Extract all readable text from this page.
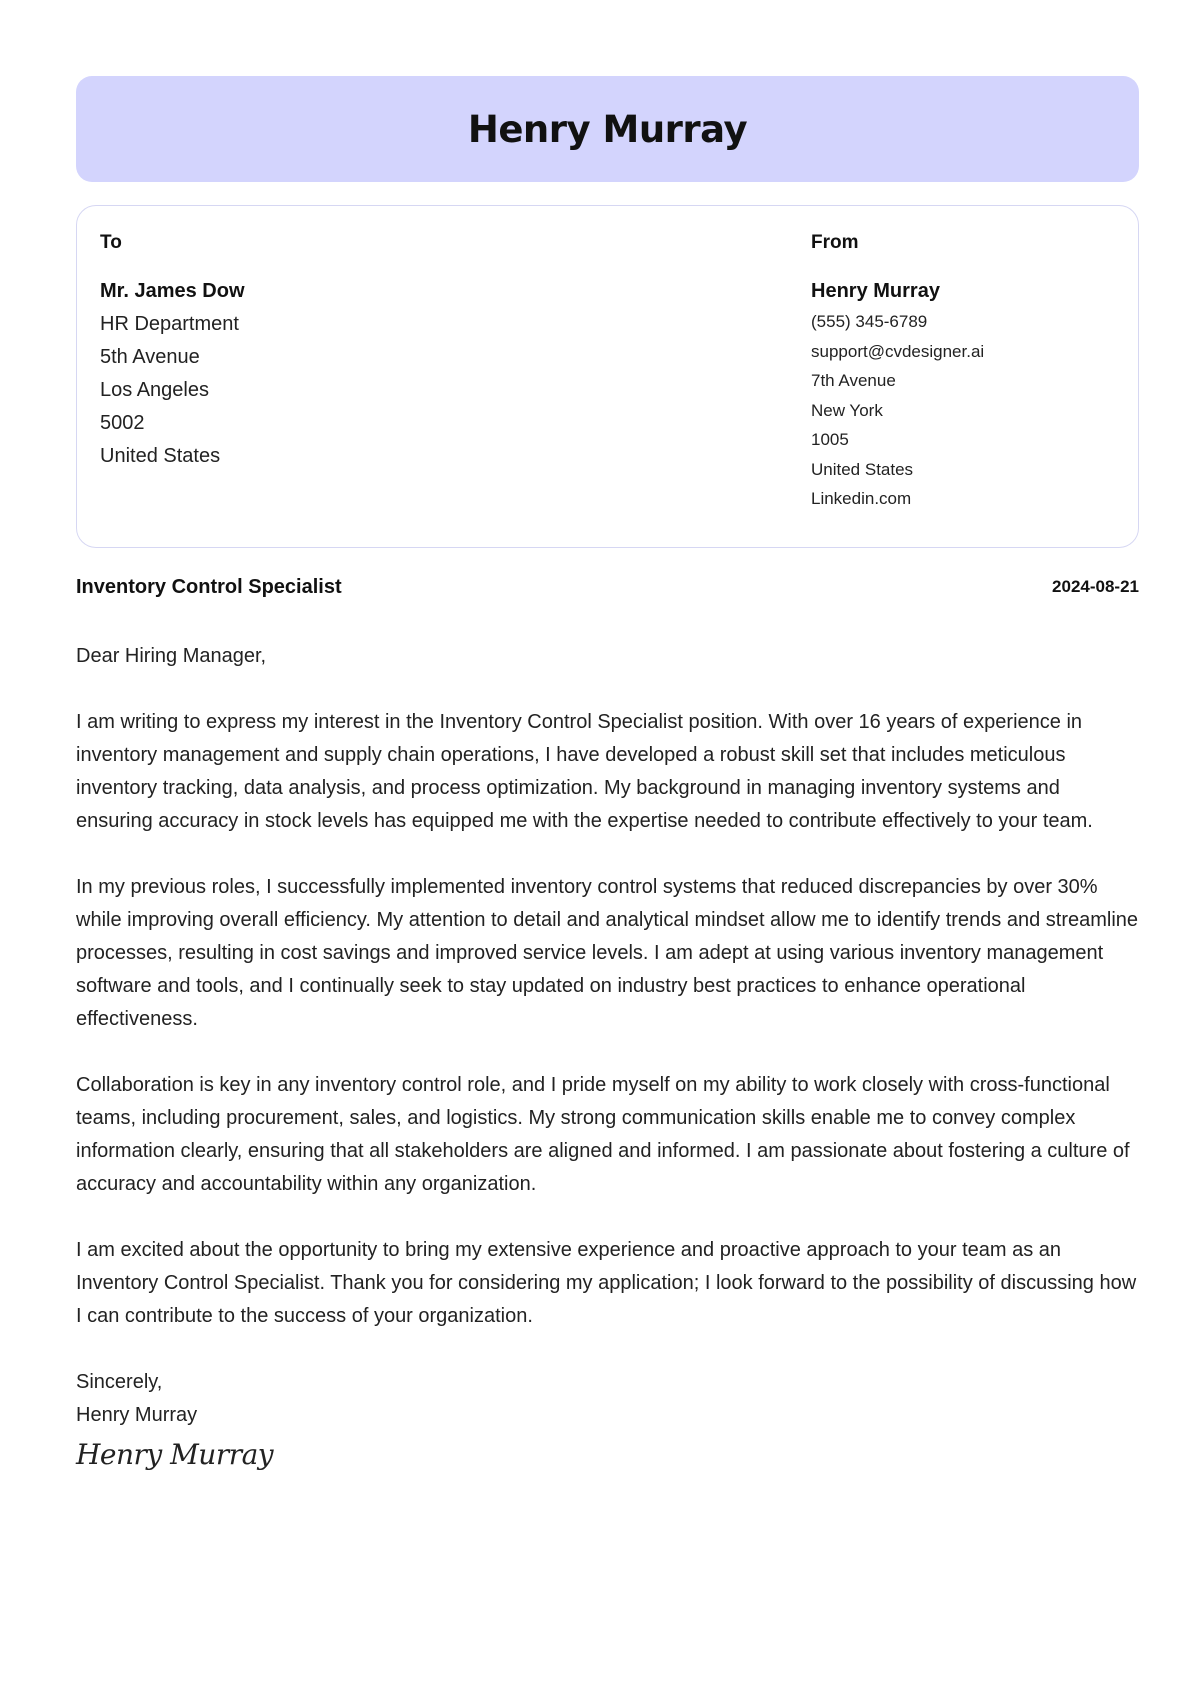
Henry Murray
To
Mr. James Dow
HR Department
5th Avenue
Los Angeles
5002
United States
From
Henry Murray
(555) 345-6789
support@cvdesigner.ai
7th Avenue
New York
1005
United States
Linkedin.com
Inventory Control Specialist	2024-08-21

Dear Hiring Manager,

I am writing to express my interest in the Inventory Control Specialist position. With over 16 years of experience in inventory management and supply chain operations, I have developed a robust skill set that includes meticulous inventory tracking, data analysis, and process optimization. My background in managing inventory systems and ensuring accuracy in stock levels has equipped me with the expertise needed to contribute effectively to your team.

In my previous roles, I successfully implemented inventory control systems that reduced discrepancies by over 30% while improving overall efficiency. My attention to detail and analytical mindset allow me to identify trends and streamline processes, resulting in cost savings and improved service levels. I am adept at using various inventory management software and tools, and I continually seek to stay updated on industry best practices to enhance operational effectiveness.

Collaboration is key in any inventory control role, and I pride myself on my ability to work closely with cross-functional teams, including procurement, sales, and logistics. My strong communication skills enable me to convey complex information clearly, ensuring that all stakeholders are aligned and informed. I am passionate about fostering a culture of accuracy and accountability within any organization.

I am excited about the opportunity to bring my extensive experience and proactive approach to your team as an Inventory Control Specialist. Thank you for considering my application; I look forward to the possibility of discussing how I can contribute to the success of your organization.

Sincerely,

Henry Murray

Henry Murray
